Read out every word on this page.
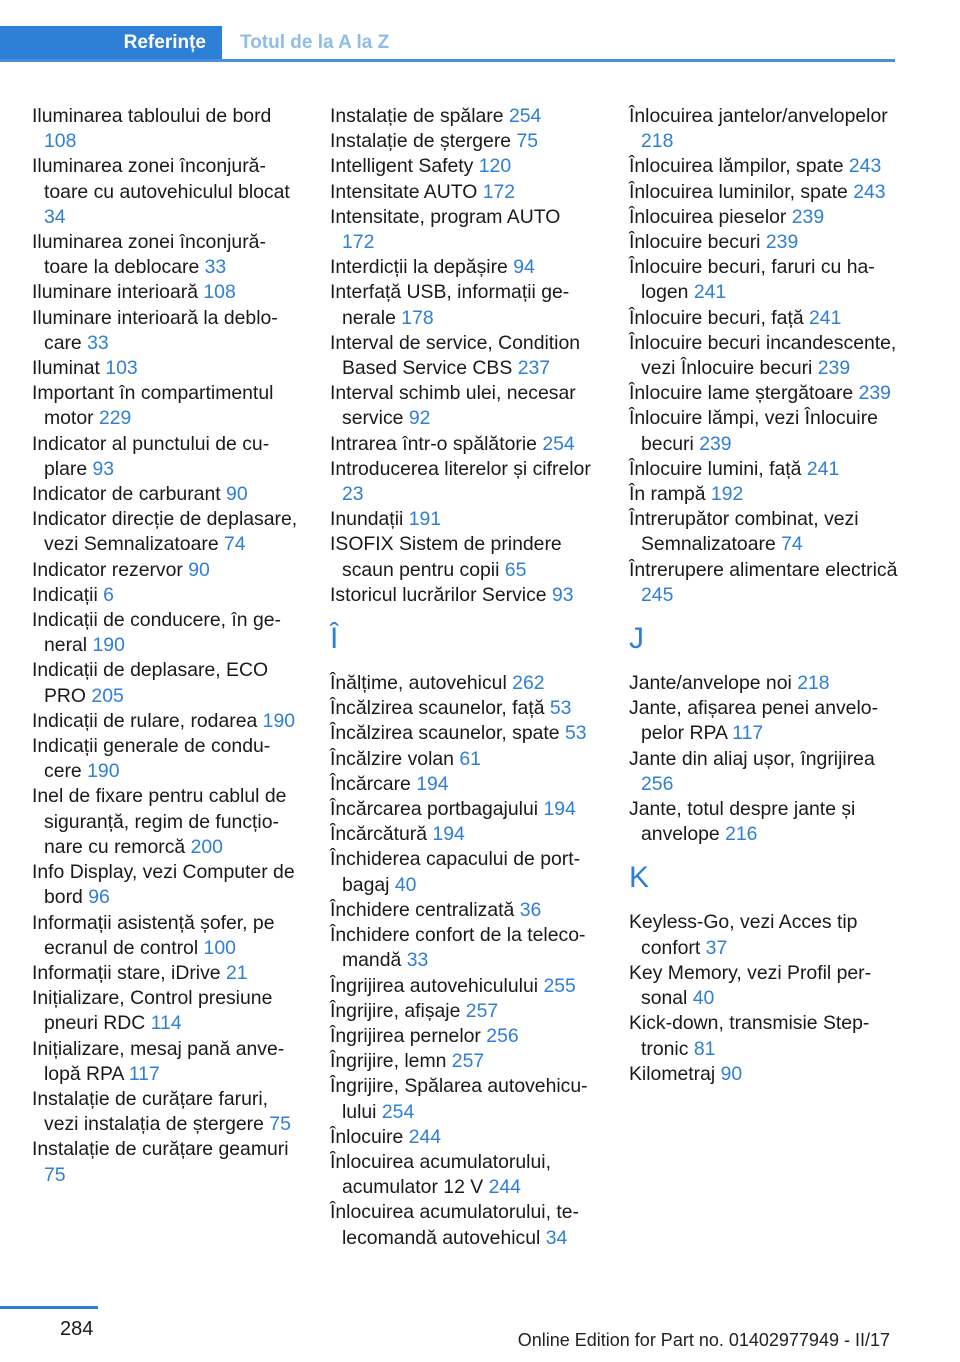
Referințe	Totul de la A la Z
Iluminarea tabloului de bord 108
Iluminarea zonei înconjurătoare cu autovehiculul blocat 34
Iluminarea zonei înconjurătoare la deblocare 33
Iluminare interioară 108
Iluminare interioară la deblocare 33
Iluminat 103
Important în compartimentul motor 229
Indicator al punctului de cuplare 93
Indicator de carburant 90
Indicator direcție de deplasare, vezi Semnalizatoare 74
Indicator rezervor 90
Indicații 6
Indicații de conducere, în general 190
Indicații de deplasare, ECO PRO 205
Indicații de rulare, rodarea 190
Indicații generale de conducere 190
Inel de fixare pentru cablul de siguranță, regim de funcționare cu remorcă 200
Info Display, vezi Computer de bord 96
Informații asistență șofer, pe ecranul de control 100
Informații stare, iDrive 21
Inițializare, Control presiune pneuri RDC 114
Inițializare, mesaj pană anvelopă RPA 117
Instalație de curățare faruri, vezi instalația de ștergere 75
Instalație de curățare geamuri 75
Instalație de spălare 254
Instalație de ștergere 75
Intelligent Safety 120
Intensitate AUTO 172
Intensitate, program AUTO 172
Interdicții la depășire 94
Interfață USB, informații generale 178
Interval de service, Condition Based Service CBS 237
Interval schimb ulei, necesar service 92
Intrarea într-o spălătorie 254
Introducerea literelor și cifrelor 23
Inundații 191
ISOFIX Sistem de prindere scaun pentru copii 65
Istoricul lucrărilor Service 93
Î
Înălțime, autovehicul 262
Încălzirea scaunelor, față 53
Încălzirea scaunelor, spate 53
Încălzire volan 61
Încărcare 194
Încărcarea portbagajului 194
Încărcătură 194
Închiderea capacului de portbagaj 40
Închidere centralizată 36
Închidere confort de la telecomandă 33
Îngrijirea autovehiculului 255
Îngrijire, afișaje 257
Îngrijirea pernelor 256
Îngrijire, lemn 257
Îngrijire, Spălarea autovehiculului 254
Înlocuire 244
Înlocuirea acumulatorului, acumulator 12 V 244
Înlocuirea acumulatorului, telecomandă autovehicul 34
Înlocuirea jantelor/anvelopelor 218
Înlocuirea lămpilor, spate 243
Înlocuirea luminilor, spate 243
Înlocuirea pieselor 239
Înlocuire becuri 239
Înlocuire becuri, faruri cu halogen 241
Înlocuire becuri, față 241
Înlocuire becuri incandescente, vezi Înlocuire becuri 239
Înlocuire lame ștergătoare 239
Înlocuire lămpi, vezi Înlocuire becuri 239
Înlocuire lumini, față 241
În rampă 192
Întrerupător combinat, vezi Semnalizatoare 74
Întrerupere alimentare electrică 245
J
Jante/anvelope noi 218
Jante, afișarea penei anvelopelor RPA 117
Jante din aliaj ușor, îngrijirea 256
Jante, totul despre jante și anvelope 216
K
Keyless-Go, vezi Acces tip confort 37
Key Memory, vezi Profil personal 40
Kick-down, transmisie Steptronic 81
Kilometraj 90
284	Online Edition for Part no. 01402977949 - II/17
